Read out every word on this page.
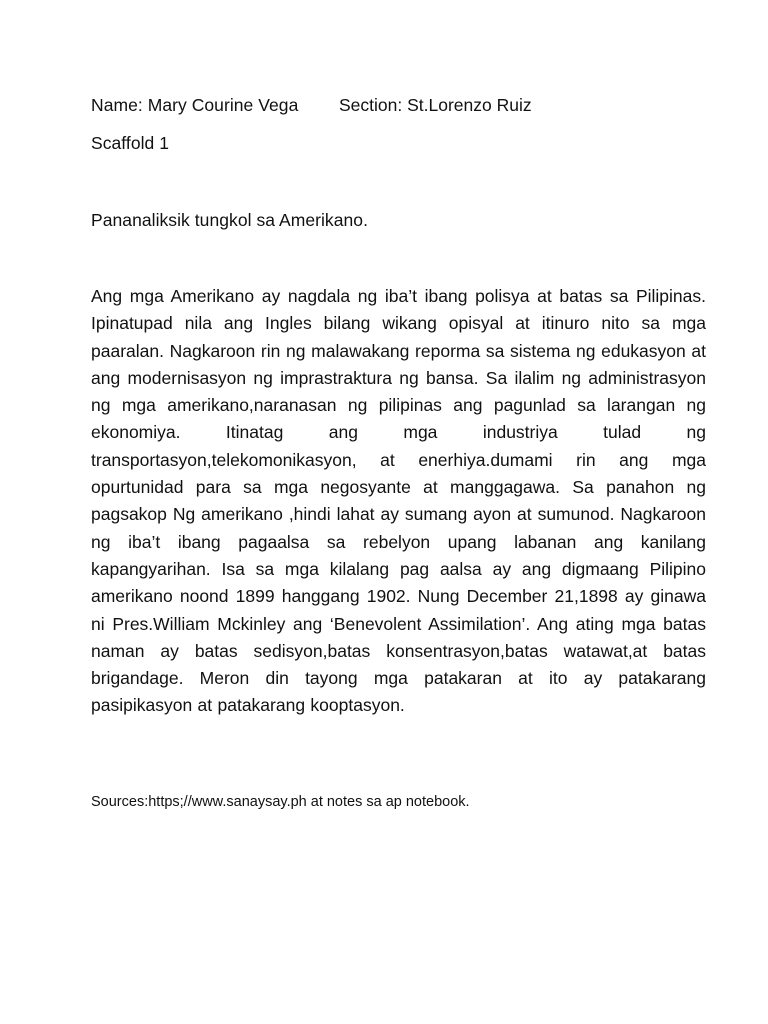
Name: Mary Courine Vega Section: St.Lorenzo Ruiz
Scaffold 1
Pananaliksik tungkol sa Amerikano.
Ang mga Amerikano ay nagdala ng iba’t ibang polisya at batas sa Pilipinas. Ipinatupad nila ang Ingles bilang wikang opisyal at itinuro nito sa mga paaralan. Nagkaroon rin ng malawakang reporma sa sistema ng edukasyon at ang modernisasyon ng imprastraktura ng bansa. Sa ilalim ng administrasyon ng mga amerikano,naranasan ng pilipinas ang pagunlad sa larangan ng ekonomiya. Itinatag ang mga industriya tulad ng transportasyon,telekomonikasyon, at enerhiya.dumami rin ang mga opurtunidad para sa mga negosyante at manggagawa. Sa panahon ng pagsakop Ng amerikano ,hindi lahat ay sumang ayon at sumunod. Nagkaroon ng iba’t ibang pagaalsa sa rebelyon upang labanan ang kanilang kapangyarihan. Isa sa mga kilalang pag aalsa ay ang digmaang Pilipino amerikano noond 1899 hanggang 1902. Nung December 21,1898 ay ginawa ni Pres.William Mckinley ang ‘Benevolent Assimilation’. Ang ating mga batas naman ay batas sedisyon,batas konsentrasyon,batas watawat,at batas brigandage. Meron din tayong mga patakaran at ito ay patakarang pasipikasyon at patakarang kooptasyon.
Sources:https;//www.sanaysay.ph at notes sa ap notebook.
